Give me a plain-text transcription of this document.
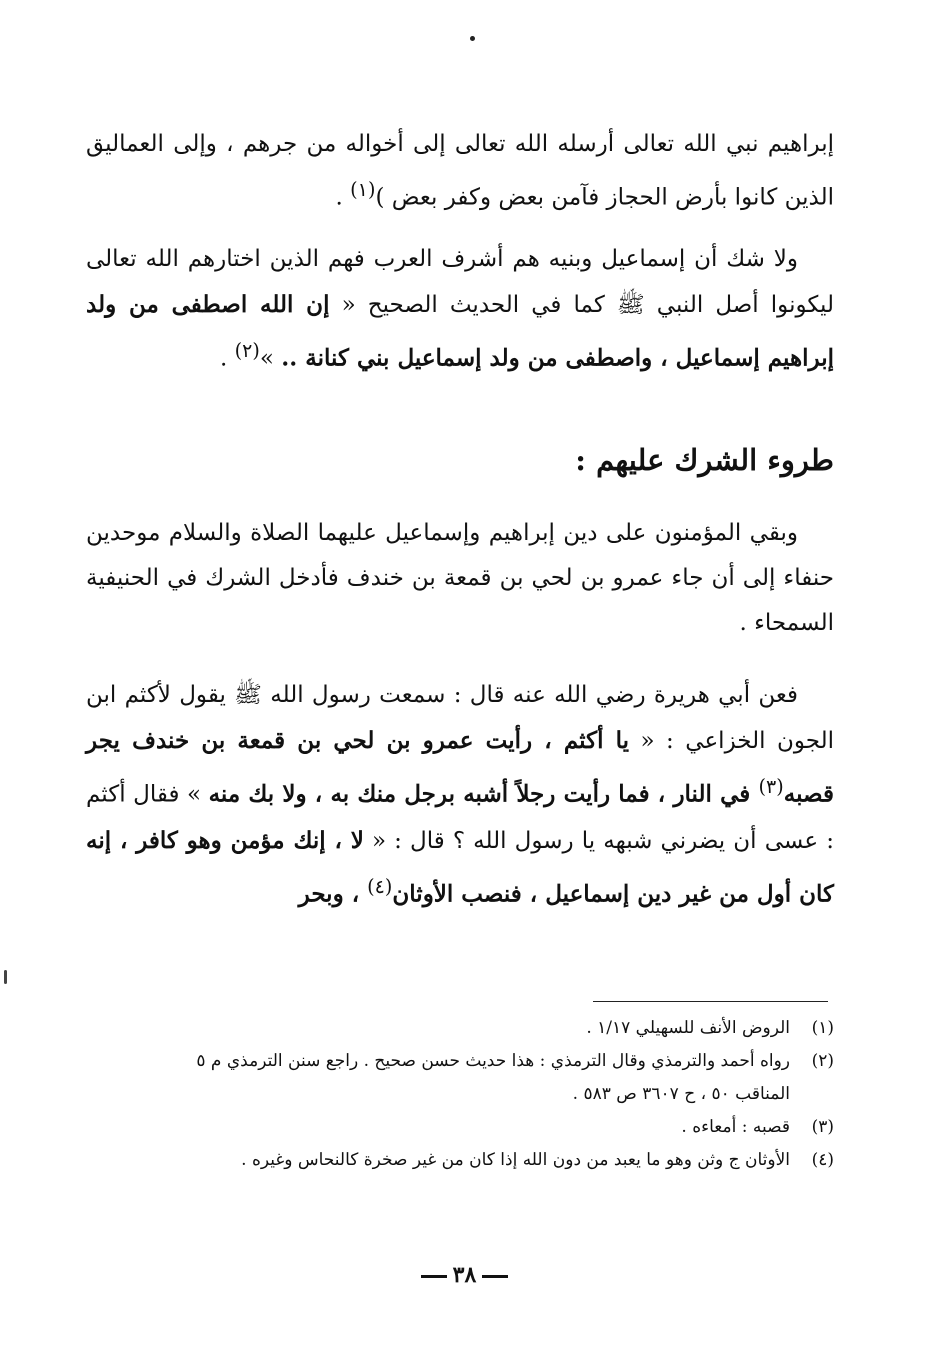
إبراهيم نبي الله تعالى أرسله الله تعالى إلى أخواله من جرهم ، وإلى العماليق الذين كانوا بأرض الحجاز فآمن بعض وكفر بعض )$^{(١)}$ .
ولا شك أن إسماعيل وبنيه هم أشرف العرب فهم الذين اختارهم الله تعالى ليكونوا أصل النبي ﷺ كما في الحديث الصحيح « إن الله اصطفى من ولد إبراهيم إسماعيل ، واصطفى من ولد إسماعيل بني كنانة .. »$^{(٢)}$ .
طروء الشرك عليهم :
وبقي المؤمنون على دين إبراهيم وإسماعيل عليهما الصلاة والسلام موحدين حنفاء إلى أن جاء عمرو بن لحي بن قمعة بن خندف فأدخل الشرك في الحنيفية السمحاء .
فعن أبي هريرة رضي الله عنه قال : سمعت رسول الله ﷺ يقول لأكثم ابن الجون الخزاعي : « يا أكثم ، رأيت عمرو بن لحي بن قمعة بن خندف يجر قصبه$^{(٣)}$ في النار ، فما رأيت رجلاً أشبه برجل منك به ، ولا بك منه » فقال أكثم : عسى أن يضرني شبهه يا رسول الله ؟ قال : « لا ، إنك مؤمن وهو كافر ، إنه كان أول من غير دين إسماعيل ، فنصب الأوثان$^{(٤)}$ ، وبحر
(١)
الروض الأنف للسهيلي ١/١٧ .
(٢)
رواه أحمد والترمذي وقال الترمذي : هذا حديث حسن صحيح . راجع سنن الترمذي م ٥ المناقب ٥٠ ، ح ٣٦٠٧ ص ٥٨٣ .
(٣)
قصبه : أمعاءه .
(٤)
الأوثان ج وثن وهو ما يعبد من دون الله إذا كان من غير صخرة كالنحاس وغيره .
٣٨
